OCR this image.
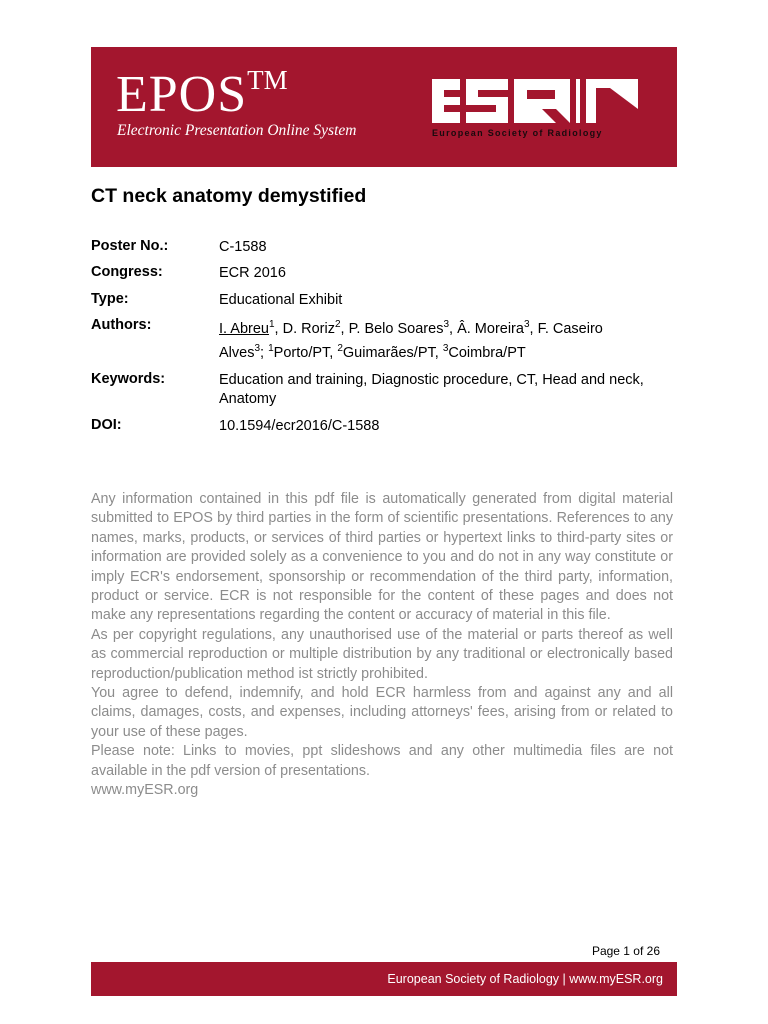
EPOS™
Electronic Presentation Online System	European Society of Radiology
CT neck anatomy demystified
Poster No.:	C-1588
Congress:	ECR 2016
Type:	Educational Exhibit
Authors:	I. Abreu$^1$, D. Roriz$^2$, P. Belo Soares$^3$, Â. Moreira$^3$, F. Caseiro
Alves$^3$; $^1$Porto/PT, $^2$Guimarães/PT, $^3$Coimbra/PT

Keywords:	Education and training, Diagnostic procedure, CT, Head and neck, Anatomy
DOI:	10.1594/ecr2016/C-1588

Any information contained in this pdf file is automatically generated from digital material submitted to EPOS by third parties in the form of scientific presentations. References to any names, marks, products, or services of third parties or hypertext links to third-party sites or information are provided solely as a convenience to you and do not in any way constitute or imply ECR's endorsement, sponsorship or recommendation of the third party, information, product or service. ECR is not responsible for the content of these pages and does not make any representations regarding the content or accuracy of material in this file.

As per copyright regulations, any unauthorised use of the material or parts thereof as well as commercial reproduction or multiple distribution by any traditional or electronically based reproduction/publication method ist strictly prohibited.

You agree to defend, indemnify, and hold ECR harmless from and against any and all claims, damages, costs, and expenses, including attorneys' fees, arising from or related to your use of these pages.

Please note: Links to movies, ppt slideshows and any other multimedia files are not available in the pdf version of presentations.

www.myESR.org

Page 1 of 26
European Society of Radiology | www.myESR.org
